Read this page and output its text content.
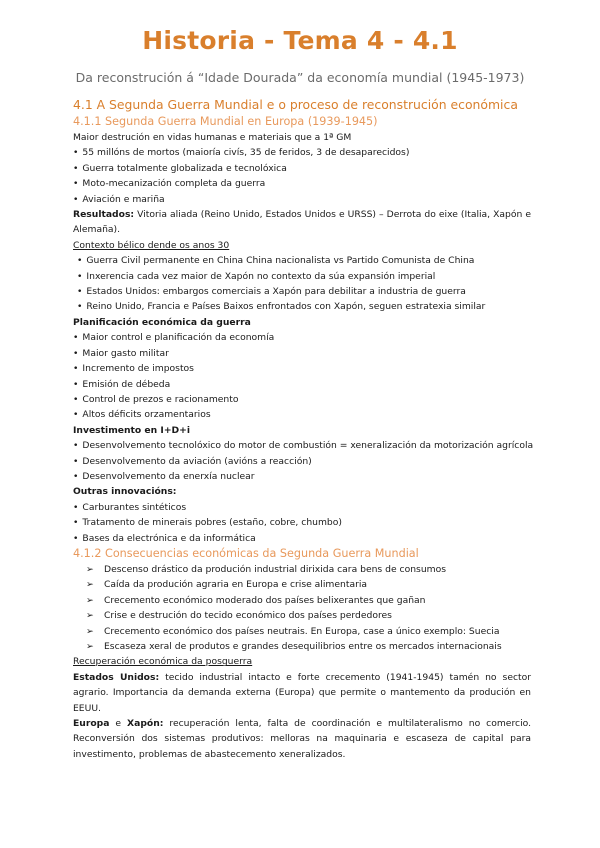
Historia - Tema 4 - 4.1
Da reconstrución á “Idade Dourada” da economía mundial (1945-1973)
4.1 A Segunda Guerra Mundial e o proceso de reconstrución económica
4.1.1 Segunda Guerra Mundial en Europa (1939-1945)
Maior destrución en vidas humanas e materiais que a 1ª GM
• 55 millóns de mortos (maioría civís, 35 de feridos, 3 de desaparecidos)
• Guerra totalmente globalizada e tecnolóxica
• Moto-mecanización completa da guerra
• Aviación e mariña
Resultados: Vitoria aliada (Reino Unido, Estados Unidos e URSS) – Derrota do eixe (Italia, Xapón e Alemaña).
Contexto bélico dende os anos 30
• Guerra Civil permanente en China China nacionalista vs Partido Comunista de China
• Inxerencia cada vez maior de Xapón no contexto da súa expansión imperial
• Estados Unidos: embargos comerciais a Xapón para debilitar a industria de guerra
• Reino Unido, Francia e Países Baixos enfrontados con Xapón, seguen estratexia similar
Planificación económica da guerra
• Maior control e planificación da economía
• Maior gasto militar
• Incremento de impostos
• Emisión de débeda
• Control de prezos e racionamento
• Altos déficits orzamentarios
Investimento en I+D+i
• Desenvolvemento tecnolóxico do motor de combustión = xeneralización da motorización agrícola
• Desenvolvemento da aviación (avións a reacción)
• Desenvolvemento da enerxía nuclear
Outras innovacións:
• Carburantes sintéticos
• Tratamento de minerais pobres (estaño, cobre, chumbo)
• Bases da electrónica e da informática
4.1.2 Consecuencias económicas da Segunda Guerra Mundial
➢ Descenso drástico da produción industrial dirixida cara bens de consumos
➢ Caída da produción agraria en Europa e crise alimentaria
➢ Crecemento económico moderado dos países belixerantes que gañan
➢ Crise e destrución do tecido económico dos países perdedores
➢ Crecemento económico dos países neutrais. En Europa, case a único exemplo: Suecia
➢ Escaseza xeral de produtos e grandes desequilibrios entre os mercados internacionais
Recuperación económica da posguerra
Estados Unidos: tecido industrial intacto e forte crecemento (1941-1945) tamén no sector agrario. Importancia da demanda externa (Europa) que permite o mantemento da produción en EEUU.
Europa e Xapón: recuperación lenta, falta de coordinación e multilateralismo no comercio. Reconversión dos sistemas produtivos: melloras na maquinaria e escaseza de capital para investimento, problemas de abastecemento xeneralizados.
